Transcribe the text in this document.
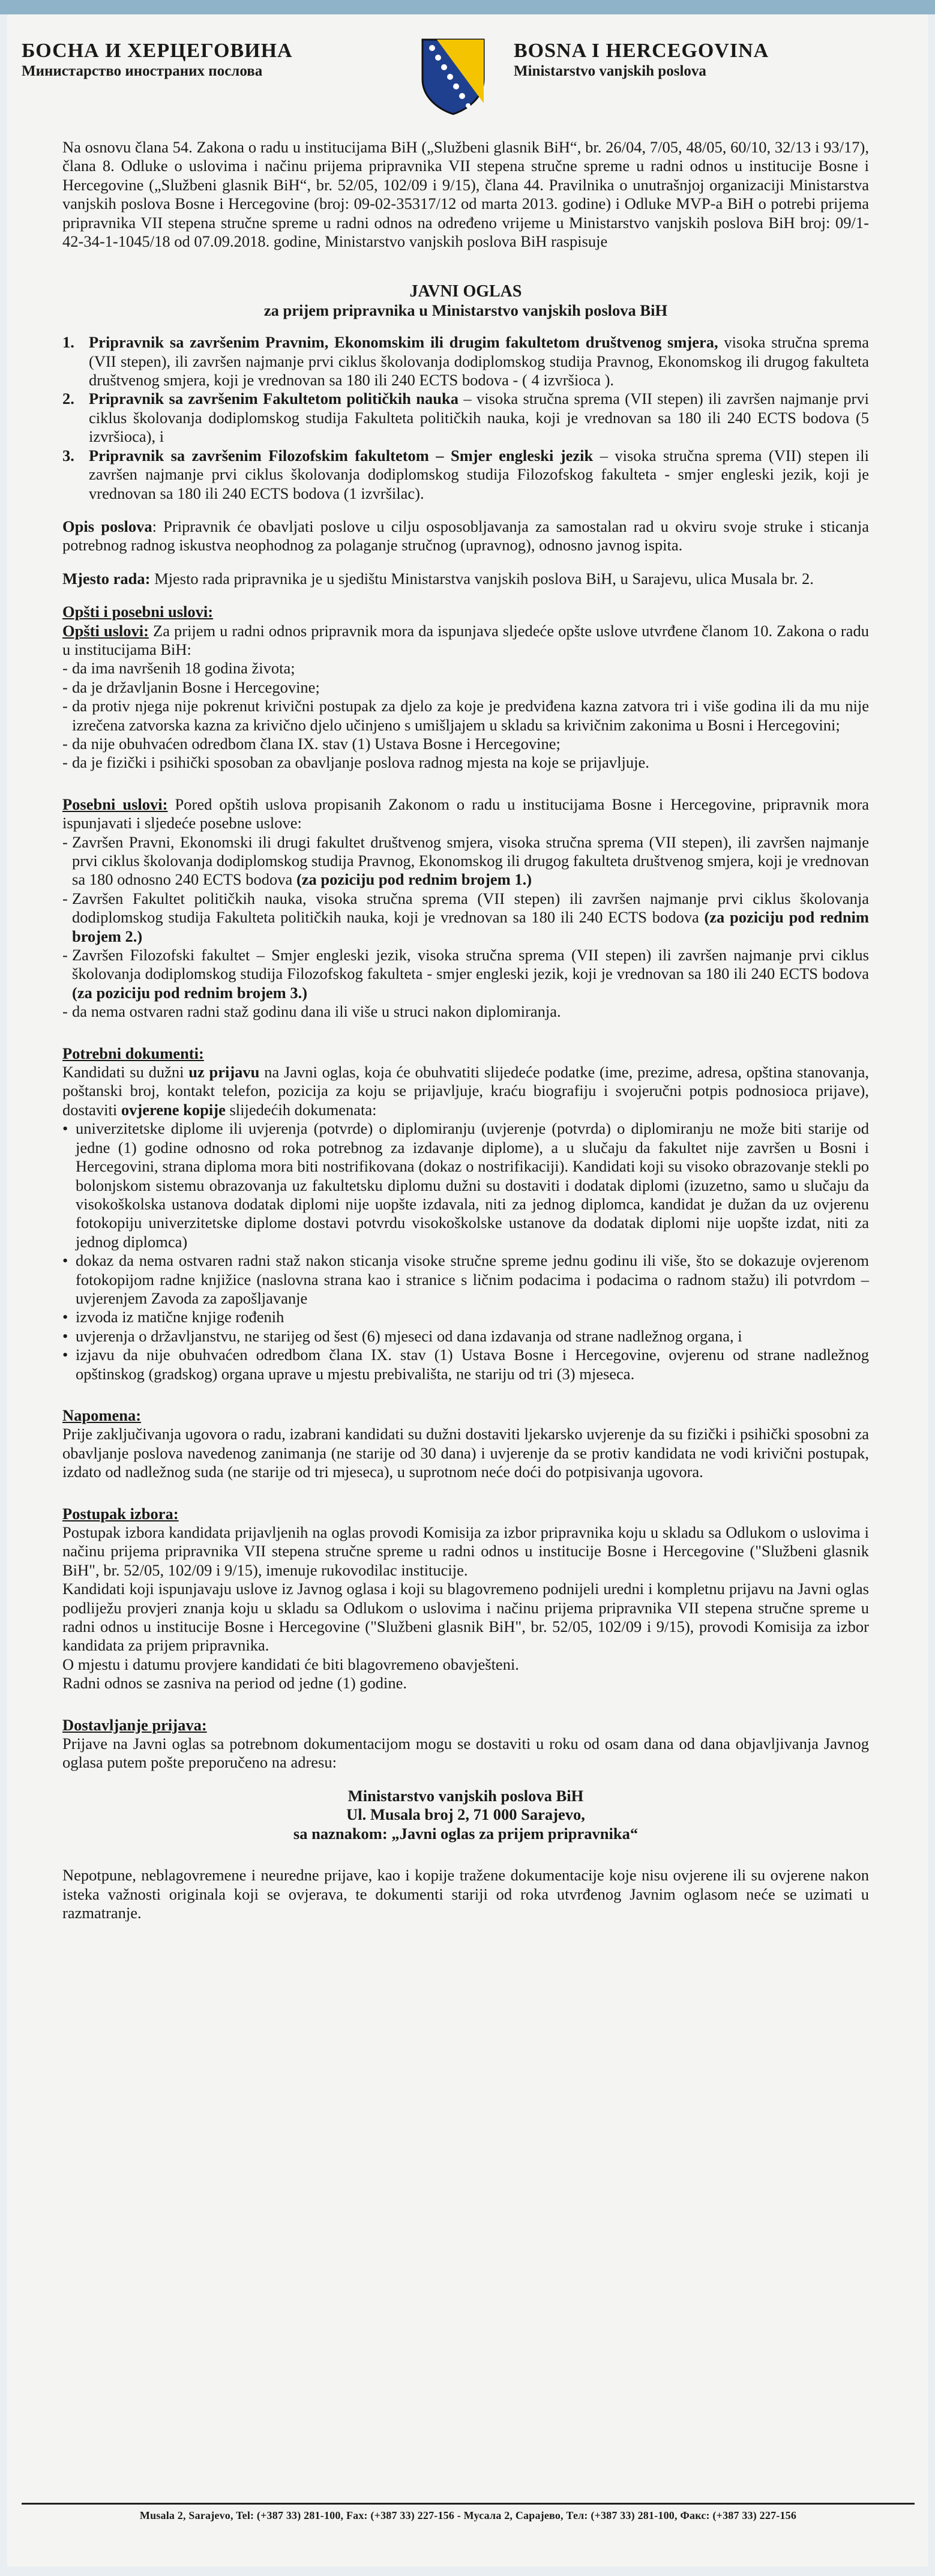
БОСНА И ХЕРЦЕГОВИНА
Министарство иностраних послова
BOSNA I HERCEGOVINA
Ministarstvo vanjskih poslova

Na osnovu člana 54. Zakona o radu u institucijama BiH („Službeni glasnik BiH“, br. 26/04, 7/05, 48/05, 60/10, 32/13 i 93/17), člana 8. Odluke o uslovima i načinu prijema pripravnika VII stepena stručne spreme u radni odnos u institucije Bosne i Hercegovine („Službeni glasnik BiH“, br. 52/05, 102/09 i 9/15), člana 44. Pravilnika o unutrašnjoj organizaciji Ministarstva vanjskih poslova Bosne i Hercegovine (broj: 09-02-35317/12 od marta 2013. godine) i Odluke MVP-a BiH o potrebi prijema pripravnika VII stepena stručne spreme u radni odnos na određeno vrijeme u Ministarstvo vanjskih poslova BiH broj: 09/1-42-34-1-1045/18 od 07.09.2018. godine, Ministarstvo vanjskih poslova BiH raspisuje

JAVNI OGLAS
za prijem pripravnika u Ministarstvo vanjskih poslova BiH
1. Pripravnik sa završenim Pravnim, Ekonomskim ili drugim fakultetom društvenog smjera, visoka stručna sprema (VII stepen), ili završen najmanje prvi ciklus školovanja dodiplomskog studija Pravnog, Ekonomskog ili drugog fakulteta društvenog smjera, koji je vrednovan sa 180 ili 240 ECTS bodova - ( 4 izvršioca ).
2. Pripravnik sa završenim Fakultetom političkih nauka – visoka stručna sprema (VII stepen) ili završen najmanje prvi ciklus školovanja dodiplomskog studija Fakulteta političkih nauka, koji je vrednovan sa 180 ili 240 ECTS bodova (5 izvršioca), i
3. Pripravnik sa završenim Filozofskim fakultetom – Smjer engleski jezik – visoka stručna sprema (VII) stepen ili završen najmanje prvi ciklus školovanja dodiplomskog studija Filozofskog fakulteta - smjer engleski jezik, koji je vrednovan sa 180 ili 240 ECTS bodova (1 izvršilac).

Opis poslova: Pripravnik će obavljati poslove u cilju osposobljavanja za samostalan rad u okviru svoje struke i sticanja potrebnog radnog iskustva neophodnog za polaganje stručnog (upravnog), odnosno javnog ispita.

Mjesto rada: Mjesto rada pripravnika je u sjedištu Ministarstva vanjskih poslova BiH, u Sarajevu, ulica Musala br. 2.

Opšti i posebni uslovi:

Opšti uslovi: Za prijem u radni odnos pripravnik mora da ispunjava sljedeće opšte uslove utvrđene članom 10. Zakona o radu u institucijama BiH:

- da ima navršenih 18 godina života;
- da je državljanin Bosne i Hercegovine;
- da protiv njega nije pokrenut krivični postupak za djelo za koje je predviđena kazna zatvora tri i više godina ili da mu nije izrečena zatvorska kazna za krivično djelo učinjeno s umišljajem u skladu sa krivičnim zakonima u Bosni i Hercegovini;
- da nije obuhvaćen odredbom člana IX. stav (1) Ustava Bosne i Hercegovine;
- da je fizički i psihički sposoban za obavljanje poslova radnog mjesta na koje se prijavljuje.

Posebni uslovi: Pored opštih uslova propisanih Zakonom o radu u institucijama Bosne i Hercegovine, pripravnik mora ispunjavati i sljedeće posebne uslove:

- Završen Pravni, Ekonomski ili drugi fakultet društvenog smjera, visoka stručna sprema (VII stepen), ili završen najmanje prvi ciklus školovanja dodiplomskog studija Pravnog, Ekonomskog ili drugog fakulteta društvenog smjera, koji je vrednovan sa 180 odnosno 240 ECTS bodova (za poziciju pod rednim brojem 1.)
- Završen Fakultet političkih nauka, visoka stručna sprema (VII stepen) ili završen najmanje prvi ciklus školovanja dodiplomskog studija Fakulteta političkih nauka, koji je vrednovan sa 180 ili 240 ECTS bodova (za poziciju pod rednim brojem 2.)
- Završen Filozofski fakultet – Smjer engleski jezik, visoka stručna sprema (VII stepen) ili završen najmanje prvi ciklus školovanja dodiplomskog studija Filozofskog fakulteta - smjer engleski jezik, koji je vrednovan sa 180 ili 240 ECTS bodova (za poziciju pod rednim brojem 3.)
- da nema ostvaren radni staž godinu dana ili više u struci nakon diplomiranja.

Potrebni dokumenti:

Kandidati su dužni uz prijavu na Javni oglas, koja će obuhvatiti slijedeće podatke (ime, prezime, adresa, opština stanovanja, poštanski broj, kontakt telefon, pozicija za koju se prijavljuje, kraću biografiju i svojeručni potpis podnosioca prijave), dostaviti ovjerene kopije slijedećih dokumenata:

• univerzitetske diplome ili uvjerenja (potvrde) o diplomiranju (uvjerenje (potvrda) o diplomiranju ne može biti starije od jedne (1) godine odnosno od roka potrebnog za izdavanje diplome), a u slučaju da fakultet nije završen u Bosni i Hercegovini, strana diploma mora biti nostrifikovana (dokaz o nostrifikaciji). Kandidati koji su visoko obrazovanje stekli po bolonjskom sistemu obrazovanja uz fakultetsku diplomu dužni su dostaviti i dodatak diplomi (izuzetno, samo u slučaju da visokoškolska ustanova dodatak diplomi nije uopšte izdavala, niti za jednog diplomca, kandidat je dužan da uz ovjerenu fotokopiju univerzitetske diplome dostavi potvrdu visokoškolske ustanove da dodatak diplomi nije uopšte izdat, niti za jednog diplomca)
• dokaz da nema ostvaren radni staž nakon sticanja visoke stručne spreme jednu godinu ili više, što se dokazuje ovjerenom fotokopijom radne knjižice (naslovna strana kao i stranice s ličnim podacima i podacima o radnom stažu) ili potvrdom – uvjerenjem Zavoda za zapošljavanje
• izvoda iz matične knjige rođenih
• uvjerenja o državljanstvu, ne starijeg od šest (6) mjeseci od dana izdavanja od strane nadležnog organa, i
• izjavu da nije obuhvaćen odredbom člana IX. stav (1) Ustava Bosne i Hercegovine, ovjerenu od strane nadležnog opštinskog (gradskog) organa uprave u mjestu prebivališta, ne stariju od tri (3) mjeseca.

Napomena:

Prije zaključivanja ugovora o radu, izabrani kandidati su dužni dostaviti ljekarsko uvjerenje da su fizički i psihički sposobni za obavljanje poslova navedenog zanimanja (ne starije od 30 dana) i uvjerenje da se protiv kandidata ne vodi krivični postupak, izdato od nadležnog suda (ne starije od tri mjeseca), u suprotnom neće doći do potpisivanja ugovora.

Postupak izbora:

Postupak izbora kandidata prijavljenih na oglas provodi Komisija za izbor pripravnika koju u skladu sa Odlukom o uslovima i načinu prijema pripravnika VII stepena stručne spreme u radni odnos u institucije Bosne i Hercegovine ("Službeni glasnik BiH", br. 52/05, 102/09 i 9/15), imenuje rukovodilac institucije.

Kandidati koji ispunjavaju uslove iz Javnog oglasa i koji su blagovremeno podnijeli uredni i kompletnu prijavu na Javni oglas podliježu provjeri znanja koju u skladu sa Odlukom o uslovima i načinu prijema pripravnika VII stepena stručne spreme u radni odnos u institucije Bosne i Hercegovine ("Službeni glasnik BiH", br. 52/05, 102/09 i 9/15), provodi Komisija za izbor kandidata za prijem pripravnika.

O mjestu i datumu provjere kandidati će biti blagovremeno obavješteni.

Radni odnos se zasniva na period od jedne (1) godine.

Dostavljanje prijava:

Prijave na Javni oglas sa potrebnom dokumentacijom mogu se dostaviti u roku od osam dana od dana objavljivanja Javnog oglasa putem pošte preporučeno na adresu:

Ministarstvo vanjskih poslova BiH

Ul. Musala broj 2, 71 000 Sarajevo,

sa naznakom: „Javni oglas za prijem pripravnika“

Nepotpune, neblagovremene i neuredne prijave, kao i kopije tražene dokumentacije koje nisu ovjerene ili su ovjerene nakon isteka važnosti originala koji se ovjerava, te dokumenti stariji od roka utvrđenog Javnim oglasom neće se uzimati u razmatranje.

Musala 2, Sarajevo, Tel: (+387 33) 281-100, Fax: (+387 33) 227-156 - Мусала 2, Сарајево, Тел: (+387 33) 281-100, Факс: (+387 33) 227-156
